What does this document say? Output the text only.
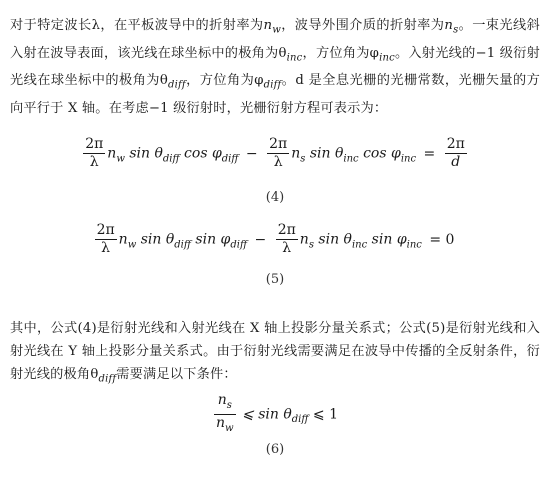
对于特定波长λ，在平板波导中的折射率为$n_w$，波导外围介质的折射率为$n_s$。一束光线斜入射在波导表面，该光线在球坐标中的极角为$\theta_{inc}$，方位角为$\varphi_{inc}$。入射光线的−1 级衍射光线在球坐标中的极角为$\theta_{diff}$，方位角为$\varphi_{diff}$。d 是全息光栅的光栅常数，光栅矢量的方向平行于 X 轴。在考虑−1 级衍射时，光栅衍射方程可表示为：
$\frac{2\pi}{\lambda} n_w$ $\sin \theta_{diff}$ $\cos \varphi_{diff} - \frac{2\pi}{\lambda} n_s$ $\sin \theta_{inc}$ $\cos \varphi_{inc} = \frac{2\pi}{d}$
(4)
$\frac{2\pi}{\lambda} n_w$ $\sin \theta_{diff}$ $\sin \varphi_{diff} - \frac{2\pi}{\lambda} n_s$ $\sin \theta_{inc}$ $\sin \varphi_{inc} = 0$
(5)
其中，公式(4)是衍射光线和入射光线在 X 轴上投影分量关系式；公式(5)是衍射光线和入射光线在 Y 轴上投影分量关系式。由于衍射光线需要满足在波导中传播的全反射条件，衍射光线的极角$\theta_{diff}$需要满足以下条件：
$\frac{n_s}{n_w}$ ⩽ $\sin \theta_{diff}$ ⩽ 1
(6)
